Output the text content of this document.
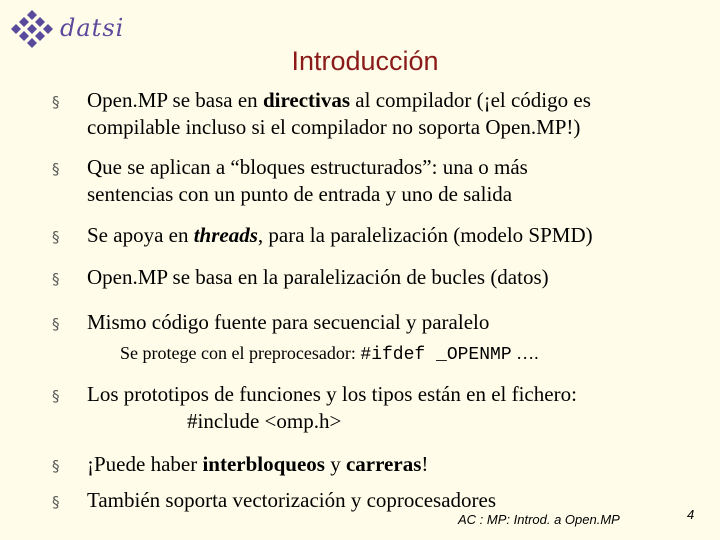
datsi
Introducción
§ Open.MP se basa en directivas al compilador (¡el código es
compilable incluso si el compilador no soporta Open.MP!)
§ Que se aplican a “bloques estructurados”: una o más
sentencias con un punto de entrada y uno de salida
§ Se apoya en threads, para la paralelización (modelo SPMD)
§ Open.MP se basa en la paralelización de bucles (datos)
§ Mismo código fuente para secuencial y paralelo
Se protege con el preprocesador: #ifdef _OPENMP ….
§ Los prototipos de funciones y los tipos están en el fichero:
#include <omp.h>
§ ¡Puede haber interbloqueos y carreras!
§ También soporta vectorización y coprocesadores
AC : MP: Introd. a Open.MP	4
